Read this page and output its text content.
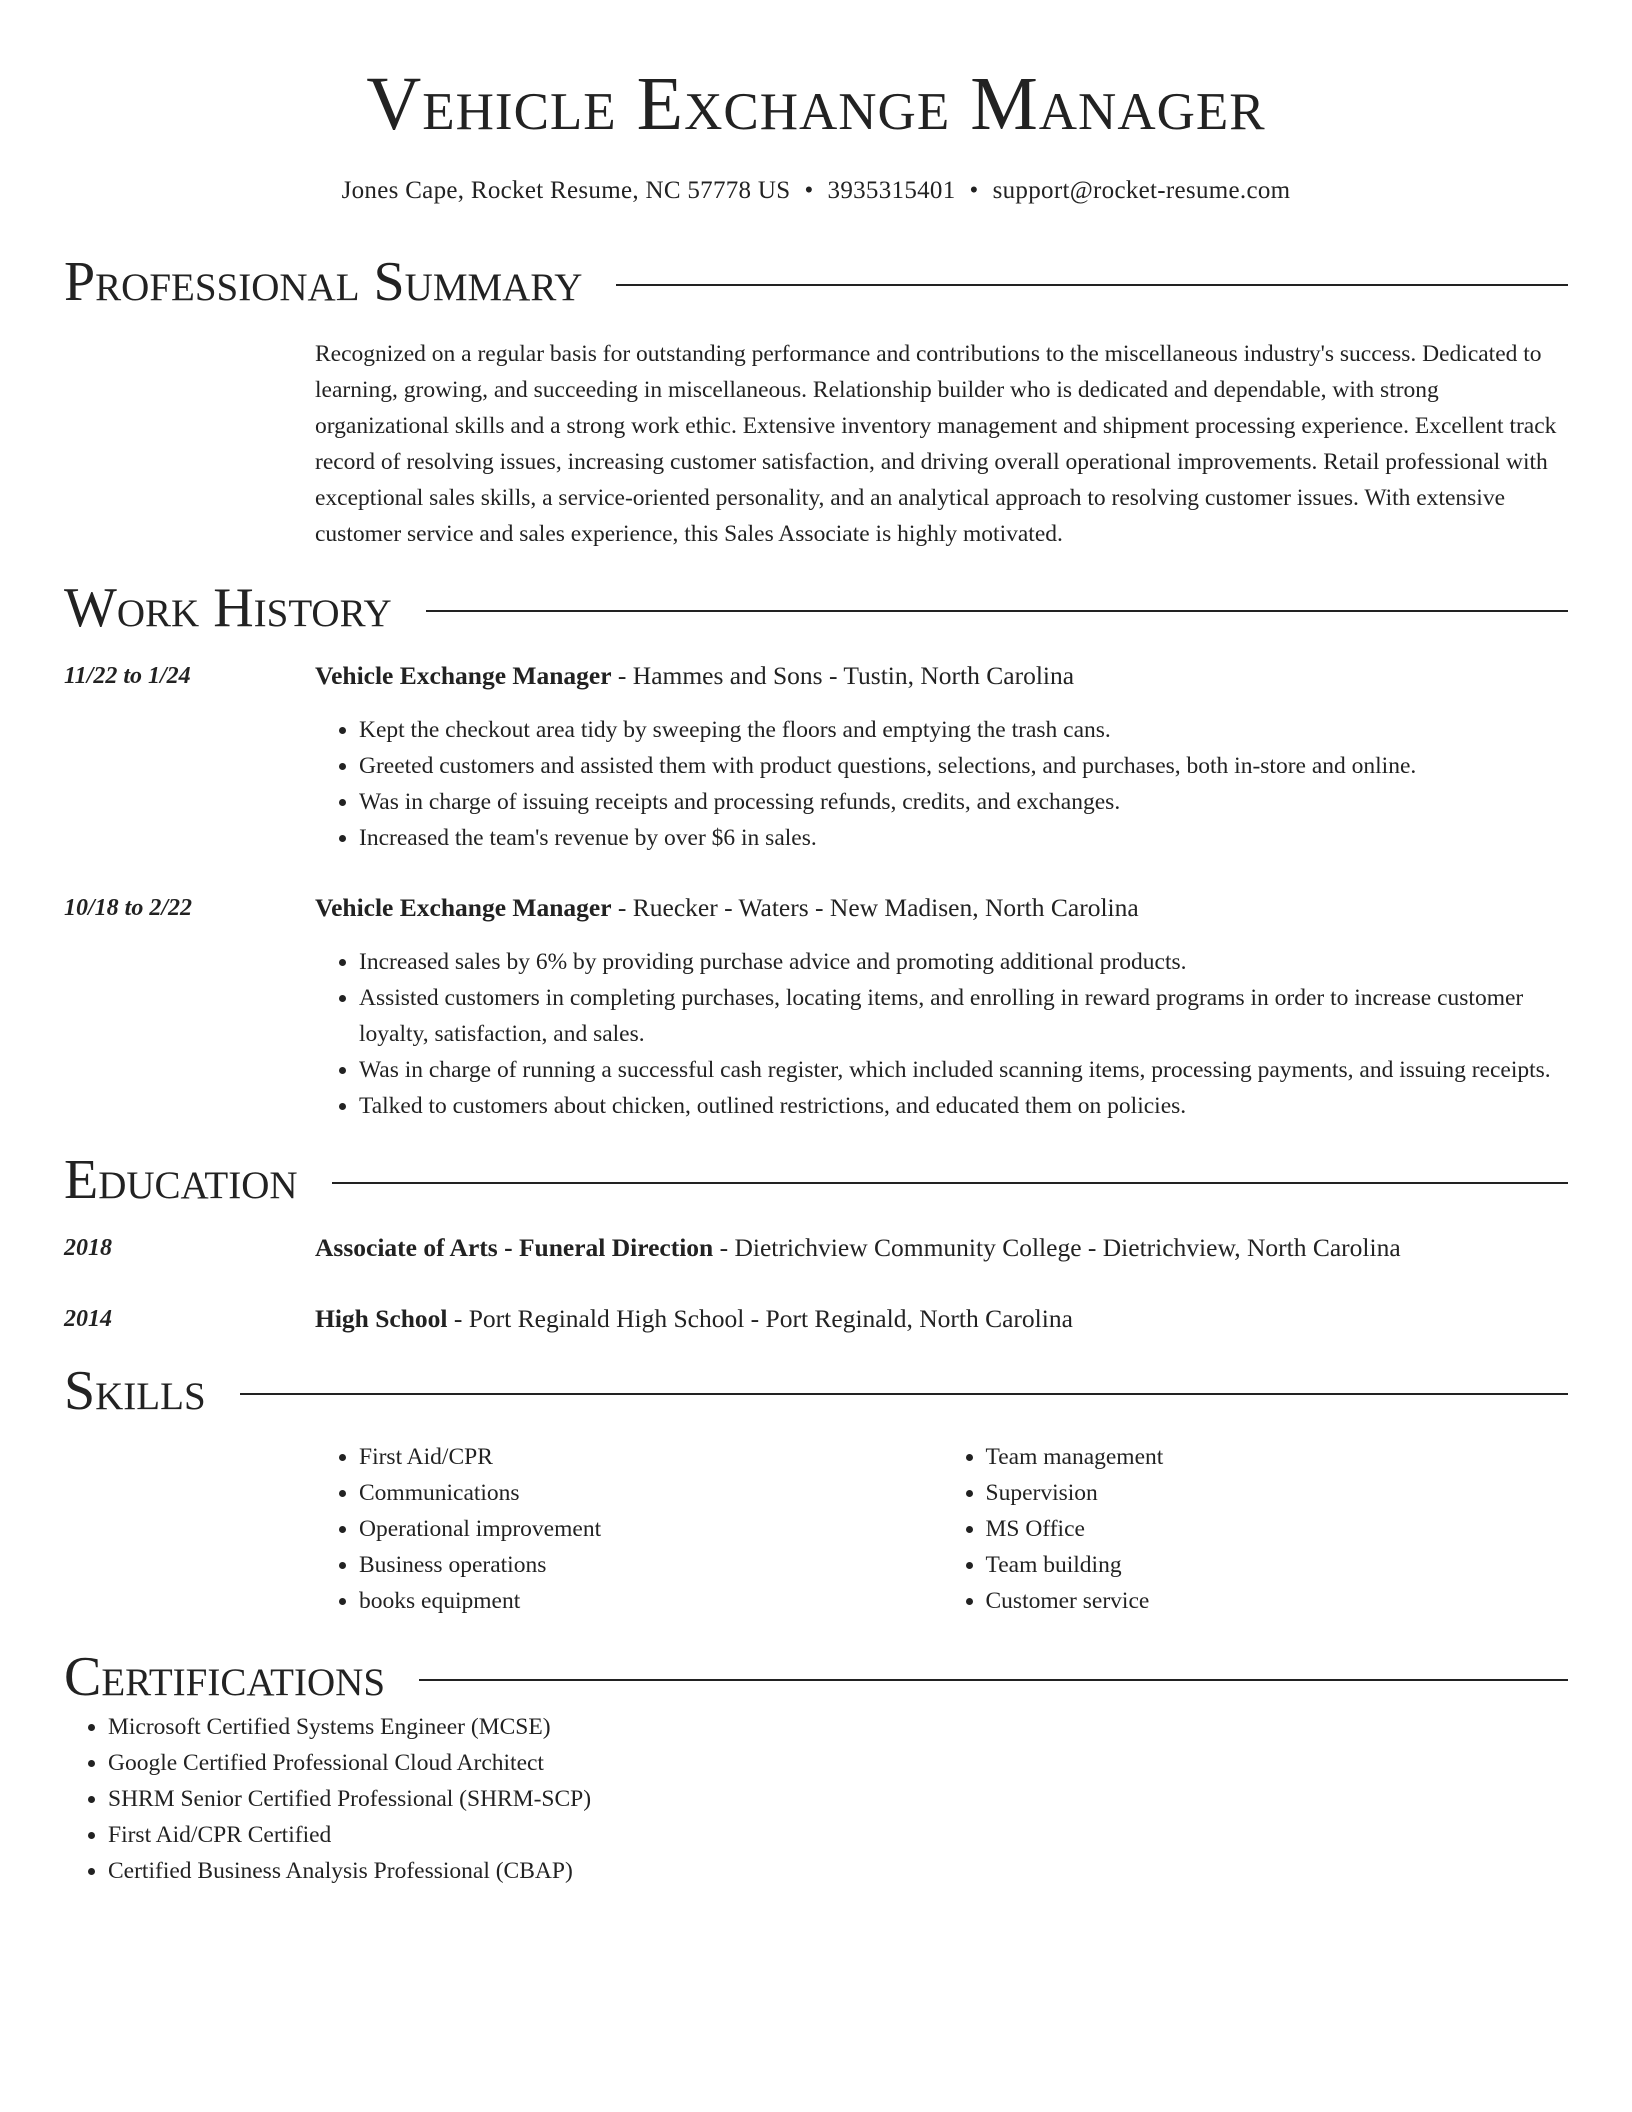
Vehicle Exchange Manager
Jones Cape, Rocket Resume, NC 57778 US • 3935315401 • support@rocket-resume.com
Professional Summary
Recognized on a regular basis for outstanding performance and contributions to the miscellaneous industry's success. Dedicated to learning, growing, and succeeding in miscellaneous. Relationship builder who is dedicated and dependable, with strong organizational skills and a strong work ethic. Extensive inventory management and shipment processing experience. Excellent track record of resolving issues, increasing customer satisfaction, and driving overall operational improvements. Retail professional with exceptional sales skills, a service-oriented personality, and an analytical approach to resolving customer issues. With extensive customer service and sales experience, this Sales Associate is highly motivated.
Work History
11/22 to 1/24	Vehicle Exchange Manager - Hammes and Sons - Tustin, North Carolina
• Kept the checkout area tidy by sweeping the floors and emptying the trash cans.
• Greeted customers and assisted them with product questions, selections, and purchases, both in-store and online.
• Was in charge of issuing receipts and processing refunds, credits, and exchanges.
• Increased the team's revenue by over $6 in sales.
10/18 to 2/22	Vehicle Exchange Manager - Ruecker - Waters - New Madisen, North Carolina
• Increased sales by 6% by providing purchase advice and promoting additional products.
• Assisted customers in completing purchases, locating items, and enrolling in reward programs in order to increase customer loyalty, satisfaction, and sales.
• Was in charge of running a successful cash register, which included scanning items, processing payments, and issuing receipts.
• Talked to customers about chicken, outlined restrictions, and educated them on policies.
Education
2018	Associate of Arts - Funeral Direction - Dietrichview Community College - Dietrichview, North Carolina
2014	High School - Port Reginald High School - Port Reginald, North Carolina
Skills
• First Aid/CPR
• Communications
• Operational improvement
• Business operations
• books equipment
• Team management
• Supervision
• MS Office
• Team building
• Customer service
Certifications
• Microsoft Certified Systems Engineer (MCSE)
• Google Certified Professional Cloud Architect
• SHRM Senior Certified Professional (SHRM-SCP)
• First Aid/CPR Certified
• Certified Business Analysis Professional (CBAP)
